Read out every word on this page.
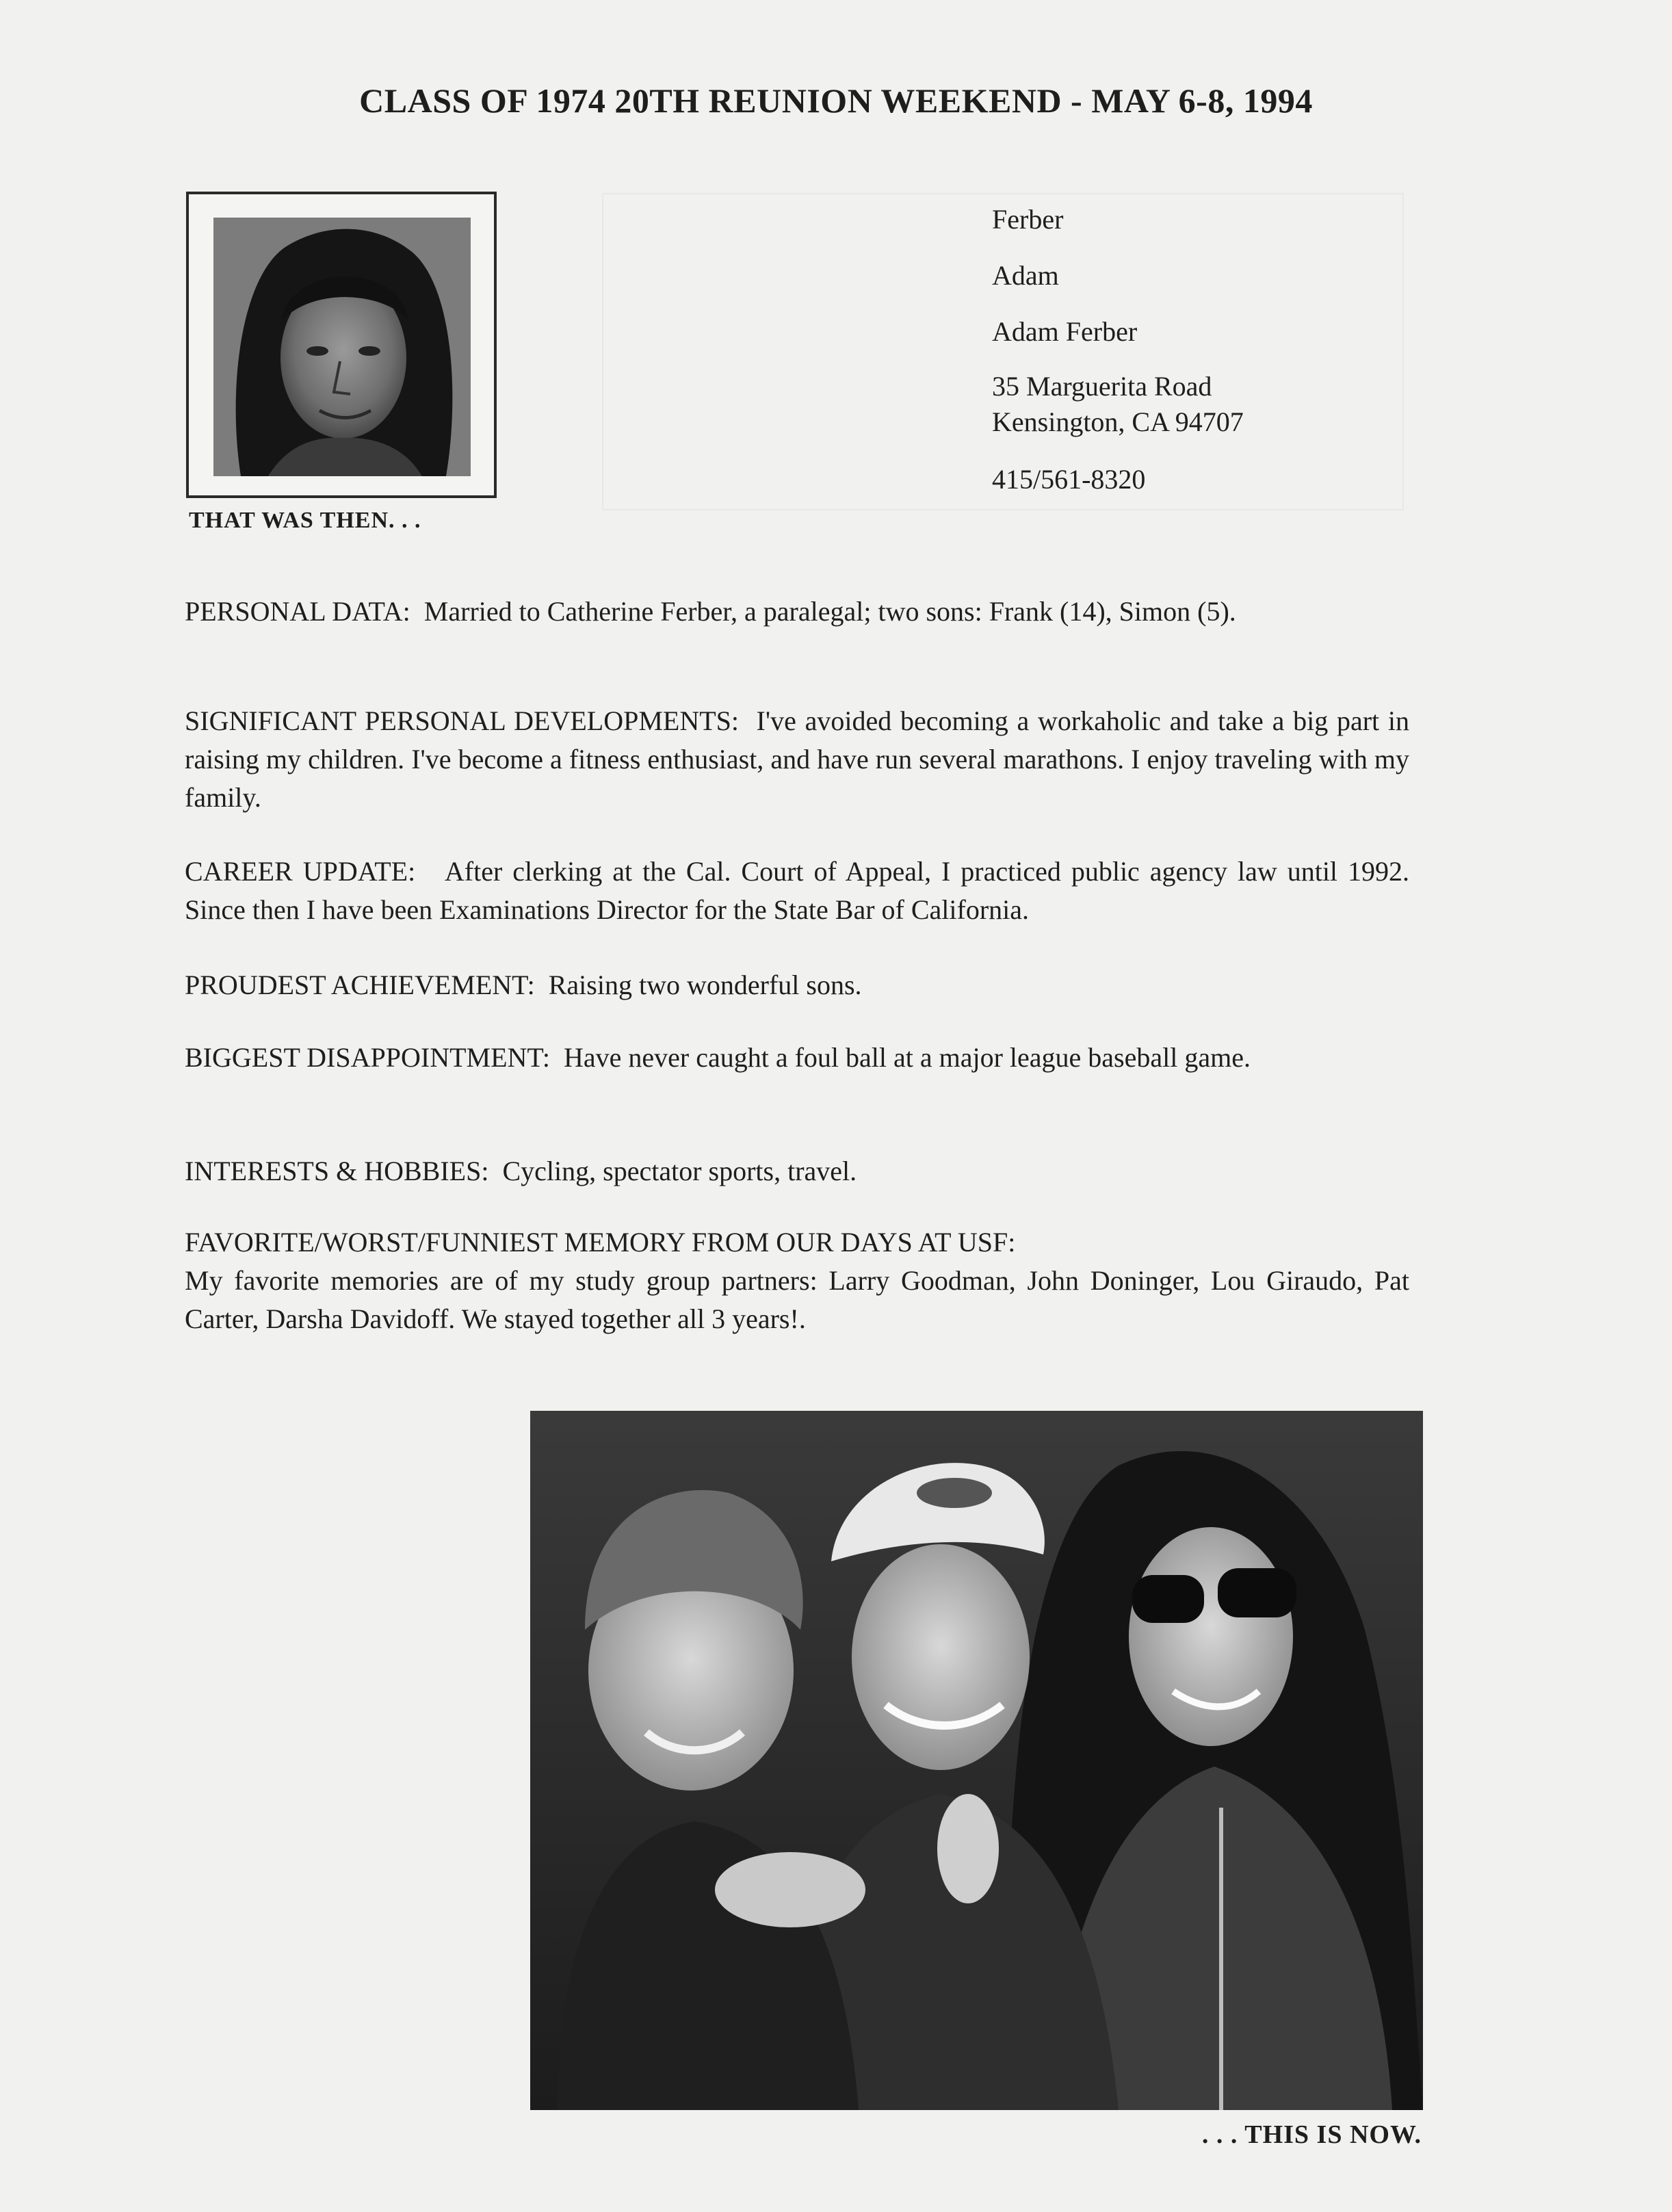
CLASS OF 1974 20TH REUNION WEEKEND - MAY 6-8, 1994
THAT WAS THEN. . .
Ferber
Adam
Adam Ferber
35 Marguerita Road
Kensington, CA 94707
415/561-8320
PERSONAL DATA: Married to Catherine Ferber, a paralegal; two sons: Frank (14), Simon (5).
SIGNIFICANT PERSONAL DEVELOPMENTS: I've avoided becoming a workaholic and take a big part in raising my children. I've become a fitness enthusiast, and have run several marathons. I enjoy traveling with my family.
CAREER UPDATE: After clerking at the Cal. Court of Appeal, I practiced public agency law until 1992. Since then I have been Examinations Director for the State Bar of California.
PROUDEST ACHIEVEMENT: Raising two wonderful sons.
BIGGEST DISAPPOINTMENT: Have never caught a foul ball at a major league baseball game.
INTERESTS & HOBBIES: Cycling, spectator sports, travel.
FAVORITE/WORST/FUNNIEST MEMORY FROM OUR DAYS AT USF:
My favorite memories are of my study group partners: Larry Goodman, John Doninger, Lou Giraudo, Pat Carter, Darsha Davidoff. We stayed together all 3 years!.
. . . THIS IS NOW.
